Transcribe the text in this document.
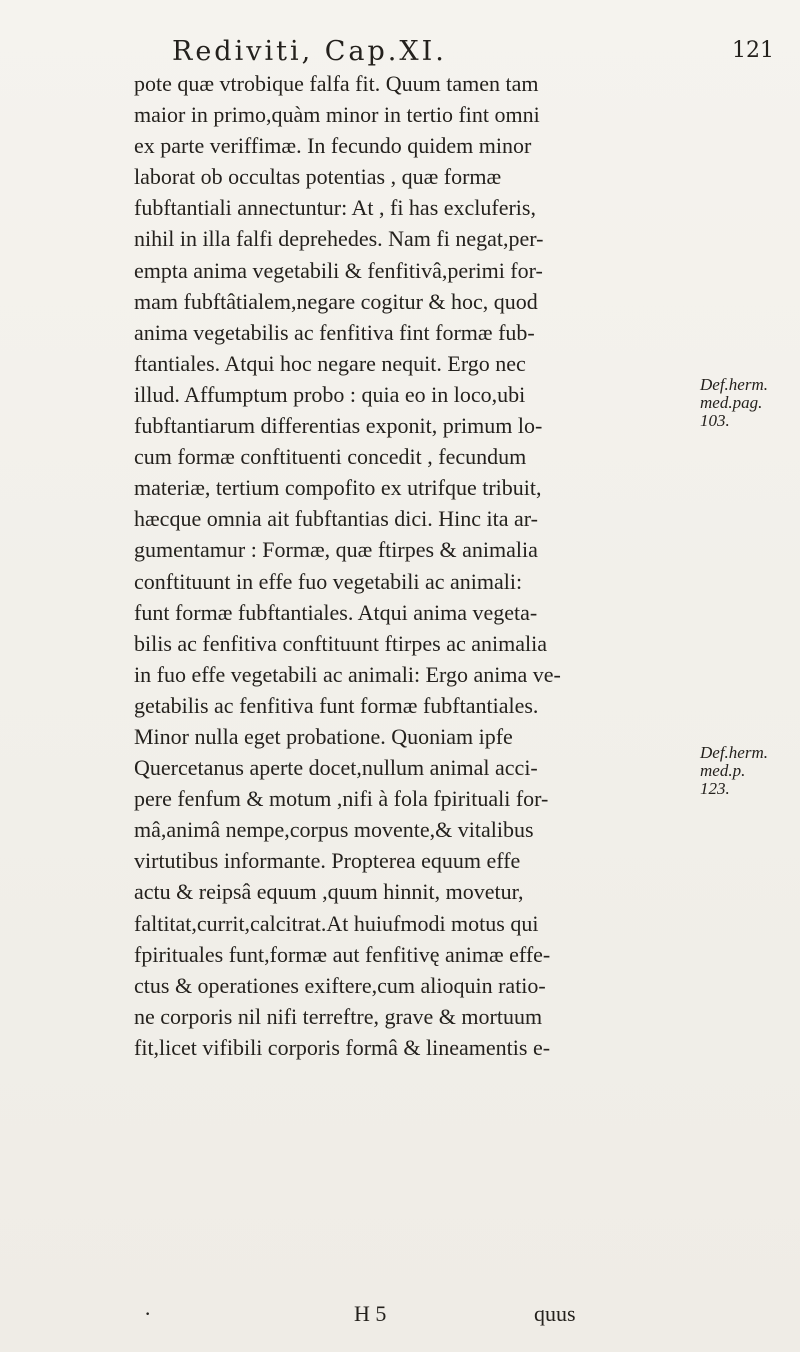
Rediviti, Cap.XI.	121
pote quæ vtrobique falfa fit. Quum tamen tam
maior in primo,quàm minor in tertio fint omni
ex parte veriffimæ. In fecundo quidem minor
laborat ob occultas potentias , quæ formæ
fubftantiali annectuntur: At , fi has excluferis,
nihil in illa falfi deprehedes. Nam fi negat,per-
empta anima vegetabili & fenfitivâ,perimi for-
mam fubftâtialem,negare cogitur & hoc, quod
anima vegetabilis ac fenfitiva fint formæ fub-
ftantiales. Atqui hoc negare nequit. Ergo nec
illud. Affumptum probo : quia eo in loco,ubi
fubftantiarum differentias exponit, primum lo-
cum formæ conftituenti concedit , fecundum
materiæ, tertium compofito ex utrifque tribuit,
hæcque omnia ait fubftantias dici. Hinc ita ar-
gumentamur : Formæ, quæ ftirpes & animalia
conftituunt in effe fuo vegetabili ac animali:
funt formæ fubftantiales. Atqui anima vegeta-
bilis ac fenfitiva conftituunt ftirpes ac animalia
in fuo effe vegetabili ac animali: Ergo anima ve-
getabilis ac fenfitiva funt formæ fubftantiales.
Minor nulla eget probatione. Quoniam ipfe
Quercetanus aperte docet,nullum animal acci-
pere fenfum & motum ,nifi à fola fpirituali for-
mâ,animâ nempe,corpus movente,& vitalibus
virtutibus informante. Propterea equum effe
actu & reipsâ equum ,quum hinnit, movetur,
faltitat,currit,calcitrat.At huiufmodi motus qui
fpirituales funt,formæ aut fenfitivę animæ effe-
ctus & operationes exiftere,cum alioquin ratio-
ne corporis nil nifi terreftre, grave & mortuum
fit,licet vifibili corporis formâ & lineamentis e-
Def.herm.
med.pag.
103.
Def.herm.
med.p.
123.
·	H 5	quus
